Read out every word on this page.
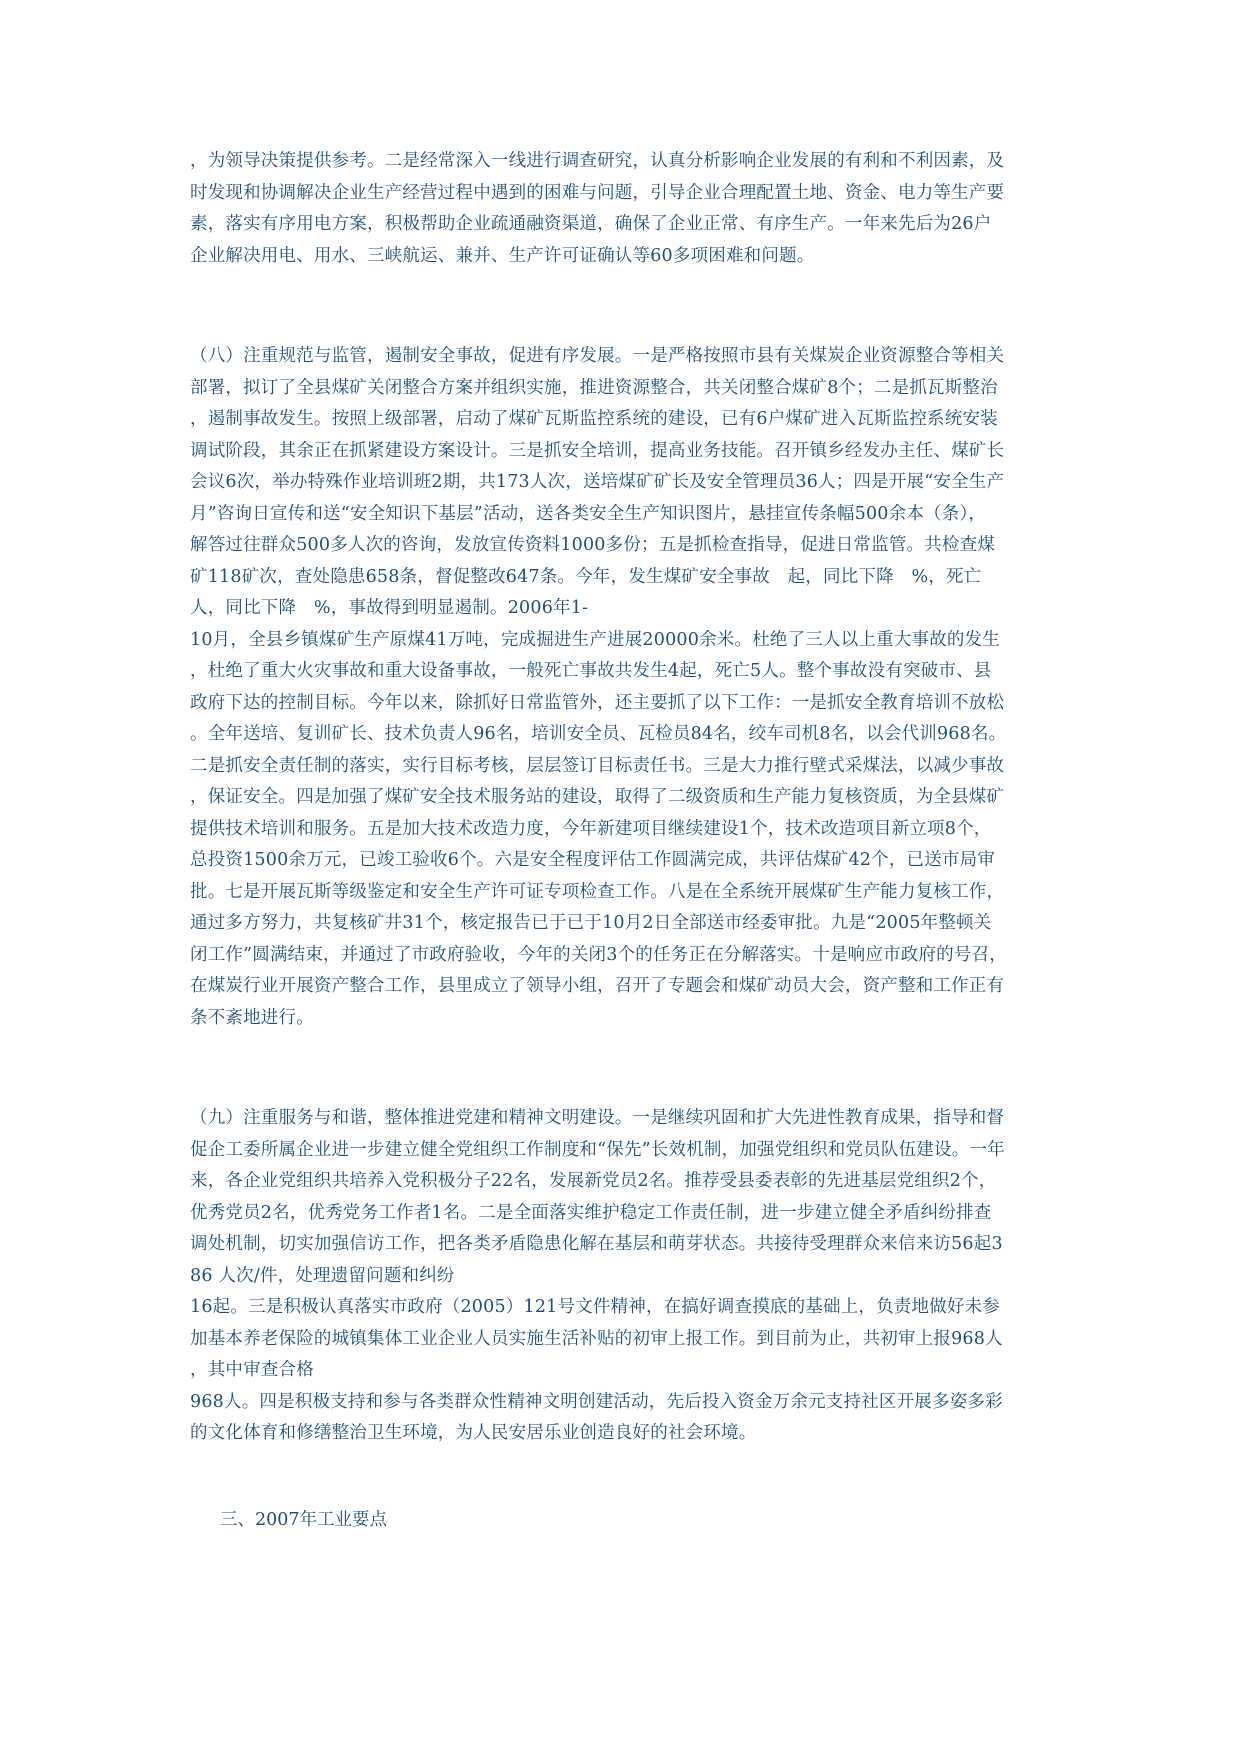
，为领导决策提供参考。二是经常深入一线进行调查研究，认真分析影响企业发展的有利和不利因素，及
时发现和协调解决企业生产经营过程中遇到的困难与问题，引导企业合理配置土地、资金、电力等生产要
素，落实有序用电方案，积极帮助企业疏通融资渠道，确保了企业正常、有序生产。一年来先后为26户
企业解决用电、用水、三峡航运、兼并、生产许可证确认等60多项困难和问题。
（八）注重规范与监管，遏制安全事故，促进有序发展。一是严格按照市县有关煤炭企业资源整合等相关
部署，拟订了全县煤矿关闭整合方案并组织实施，推进资源整合，共关闭整合煤矿8个；二是抓瓦斯整治
，遏制事故发生。按照上级部署，启动了煤矿瓦斯监控系统的建设，已有6户煤矿进入瓦斯监控系统安装
调试阶段，其余正在抓紧建设方案设计。三是抓安全培训，提高业务技能。召开镇乡经发办主任、煤矿长
会议6次，举办特殊作业培训班2期，共173人次，送培煤矿矿长及安全管理员36人；四是开展“安全生产
月”咨询日宣传和送“安全知识下基层”活动，送各类安全生产知识图片，悬挂宣传条幅500余本（条），
解答过往群众500多人次的咨询，发放宣传资料1000多份；五是抓检查指导，促进日常监管。共检查煤
矿118矿次，查处隐患658条，督促整改647条。今年，发生煤矿安全事故　起，同比下降　%，死亡
人，同比下降　%，事故得到明显遏制。2006年1-
10月，全县乡镇煤矿生产原煤41万吨，完成掘进生产进展20000余米。杜绝了三人以上重大事故的发生
，杜绝了重大火灾事故和重大设备事故，一般死亡事故共发生4起，死亡5人。整个事故没有突破市、县
政府下达的控制目标。今年以来，除抓好日常监管外，还主要抓了以下工作：一是抓安全教育培训不放松
。全年送培、复训矿长、技术负责人96名，培训安全员、瓦检员84名，绞车司机8名，以会代训968名。
二是抓安全责任制的落实，实行目标考核，层层签订目标责任书。三是大力推行壁式采煤法，以减少事故
，保证安全。四是加强了煤矿安全技术服务站的建设，取得了二级资质和生产能力复核资质，为全县煤矿
提供技术培训和服务。五是加大技术改造力度，今年新建项目继续建设1个，技术改造项目新立项8个，
总投资1500余万元，已竣工验收6个。六是安全程度评估工作圆满完成，共评估煤矿42个，已送市局审
批。七是开展瓦斯等级鉴定和安全生产许可证专项检查工作。八是在全系统开展煤矿生产能力复核工作，
通过多方努力，共复核矿井31个，核定报告已于已于10月2日全部送市经委审批。九是“2005年整顿关
闭工作”圆满结束，并通过了市政府验收，今年的关闭3个的任务正在分解落实。十是响应市政府的号召，
在煤炭行业开展资产整合工作，县里成立了领导小组，召开了专题会和煤矿动员大会，资产整和工作正有
条不紊地进行。
（九）注重服务与和谐，整体推进党建和精神文明建设。一是继续巩固和扩大先进性教育成果，指导和督
促企工委所属企业进一步建立健全党组织工作制度和“保先”长效机制，加强党组织和党员队伍建设。一年
来，各企业党组织共培养入党积极分子22名，发展新党员2名。推荐受县委表彰的先进基层党组织2个，
优秀党员2名，优秀党务工作者1名。二是全面落实维护稳定工作责任制，进一步建立健全矛盾纠纷排查
调处机制，切实加强信访工作，把各类矛盾隐患化解在基层和萌芽状态。共接待受理群众来信来访56起3
86 人次/件，处理遗留问题和纠纷
16起。三是积极认真落实市政府（2005）121号文件精神，在搞好调查摸底的基础上，负责地做好未参
加基本养老保险的城镇集体工业企业人员实施生活补贴的初审上报工作。到目前为止，共初审上报968人
，其中审查合格
968人。四是积极支持和参与各类群众性精神文明创建活动，先后投入资金万余元支持社区开展多姿多彩
的文化体育和修缮整治卫生环境，为人民安居乐业创造良好的社会环境。
三、2007年工业要点
